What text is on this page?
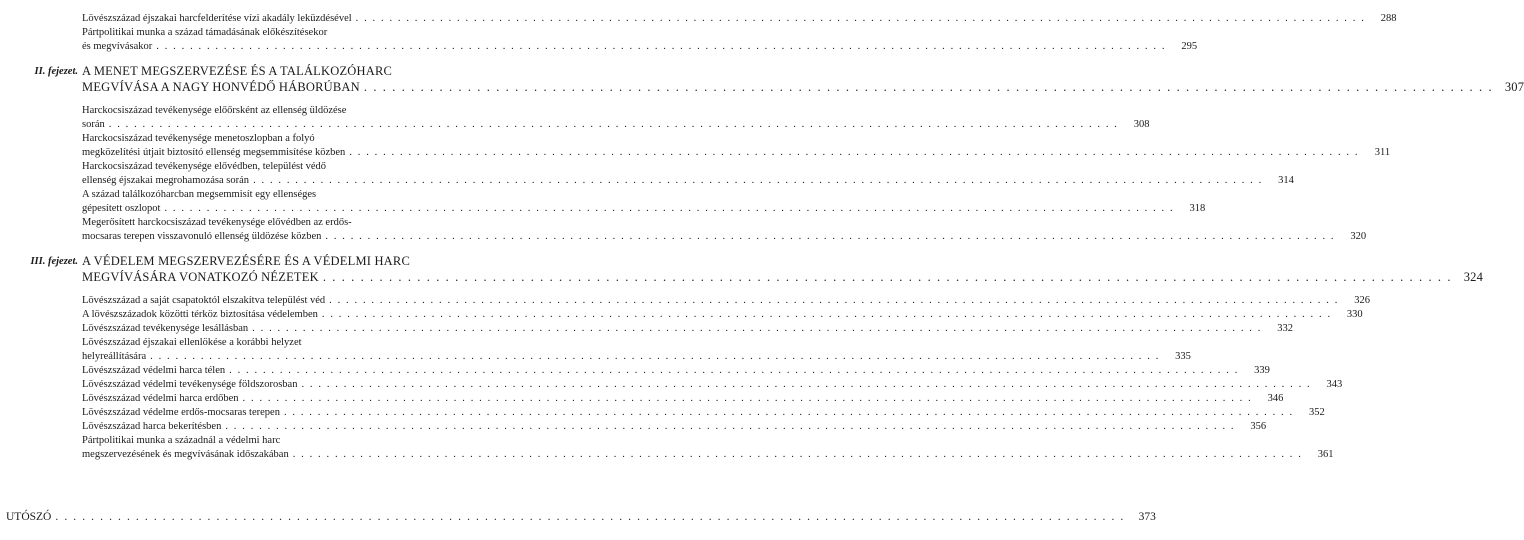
Lövészszázad éjszakai harcfelderítése vízi akadály leküzdésével . . . . . . . . . . . . . . . . . . . . . . . . . . . . . . . . . . . . . . . . . . . . . . . . . . . . . . . . . . . . . . . . . . . . . . . . . . . . . . . . . . . . . . . . . . . . . . . . . . . . . . . . . . . . . . . . . . . . . . . .	288
Pártpolitikai munka a század támadásának előkészítésekor
és megvívásakor . . . . . . . . . . . . . . . . . . . . . . . . . . . . . . . . . . . . . . . . . . . . . . . . . . . . . . . . . . . . . . . . . . . . . . . . . . . . . . . . . . . . . . . . . . . . . . . . . . . . . . . . . . . . . . . . . . . . . . . .	295
II. fejezet. A MENET MEGSZERVEZÉSE ÉS A TALÁLKOZÓHARC
MEGVÍVÁSA A NAGY HONVÉDŐ HÁBORÚBAN . . . . . . . . . . . . . . . . . . . . . . . . . . . . . . . . . . . . . . . . . . . . . . . . . . . . . . . . . . . . . . . . . . . . . . . . . . . . . . . . . . . . . . . . . . . . . . . . . . . . . . . . . . . . . . . . . . . . . . . . 307
Harckocsiszázad tevékenysége előőrsként az ellenség üldözése
során . . . . . . . . . . . . . . . . . . . . . . . . . . . . . . . . . . . . . . . . . . . . . . . . . . . . . . . . . . . . . . . . . . . . . . . . . . . . . . . . . . . . . . . . . . . . . . . . . . . . . . . . . . . . . . . . . . . . . . . .	308
Harckocsiszázad tevékenysége menetoszlopban a folyó
megközelítési útjait biztosító ellenség megsemmisítése közben . . . . . . . . . . . . . . . . . . . . . . . . . . . . . . . . . . . . . . . . . . . . . . . . . . . . . . . . . . . . . . . . . . . . . . . . . . . . . . . . . . . . . . . . . . . . . . . . . . . . . . . . . . . . . . . . . . . . . . . .	311
Harckocsiszázad tevékenysége elővédben, települést védő
ellenség éjszakai megrohamozása során . . . . . . . . . . . . . . . . . . . . . . . . . . . . . . . . . . . . . . . . . . . . . . . . . . . . . . . . . . . . . . . . . . . . . . . . . . . . . . . . . . . . . . . . . . . . . . . . . . . . . . . . . . . . . . . . . . . . . . . .	314
A század találkozóharcban megsemmisít egy ellenséges
gépesített oszlopot . . . . . . . . . . . . . . . . . . . . . . . . . . . . . . . . . . . . . . . . . . . . . . . . . . . . . . . . . . . . . . . . . . . . . . . . . . . . . . . . . . . . . . . . . . . . . . . . . . . . . . . . . . . . . . . . . . . . . . . .	318
Megerősített harckocsiszázad tevékenysége elővédben az erdős-
mocsaras terepen visszavonuló ellenség üldözése közben . . . . . . . . . . . . . . . . . . . . . . . . . . . . . . . . . . . . . . . . . . . . . . . . . . . . . . . . . . . . . . . . . . . . . . . . . . . . . . . . . . . . . . . . . . . . . . . . . . . . . . . . . . . . . . . . . . . . . . . .	320
III. fejezet. A VÉDELEM MEGSZERVEZÉSÉRE ÉS A VÉDELMI HARC
MEGVÍVÁSÁRA VONATKOZÓ NÉZETEK . . . . . . . . . . . . . . . . . . . . . . . . . . . . . . . . . . . . . . . . . . . . . . . . . . . . . . . . . . . . . . . . . . . . . . . . . . . . . . . . . . . . . . . . . . . . . . . . . . . . . . . . . . . . . . . . . . . . . . . . 324
Lövészszázad a saját csapatoktól elszakítva települést véd . . . . . . . . . . . . . . . . . . . . . . . . . . . . . . . . . . . . . . . . . . . . . . . . . . . . . . . . . . . . . . . . . . . . . . . . . . . . . . . . . . . . . . . . . . . . . . . . . . . . . . . . . . . . . . . . . . . . . . . .	326
A lövészszázadok közötti térköz biztosítása védelemben . . . . . . . . . . . . . . . . . . . . . . . . . . . . . . . . . . . . . . . . . . . . . . . . . . . . . . . . . . . . . . . . . . . . . . . . . . . . . . . . . . . . . . . . . . . . . . . . . . . . . . . . . . . . . . . . . . . . . . . .	330
Lövészszázad tevékenysége lesállásban . . . . . . . . . . . . . . . . . . . . . . . . . . . . . . . . . . . . . . . . . . . . . . . . . . . . . . . . . . . . . . . . . . . . . . . . . . . . . . . . . . . . . . . . . . . . . . . . . . . . . . . . . . . . . . . . . . . . . . . .	332
Lövészszázad éjszakai ellenlökése a korábbi helyzet
helyreállítására . . . . . . . . . . . . . . . . . . . . . . . . . . . . . . . . . . . . . . . . . . . . . . . . . . . . . . . . . . . . . . . . . . . . . . . . . . . . . . . . . . . . . . . . . . . . . . . . . . . . . . . . . . . . . . . . . . . . . . . .	335
Lövészszázad védelmi harca télen . . . . . . . . . . . . . . . . . . . . . . . . . . . . . . . . . . . . . . . . . . . . . . . . . . . . . . . . . . . . . . . . . . . . . . . . . . . . . . . . . . . . . . . . . . . . . . . . . . . . . . . . . . . . . . . . . . . . . . . .	339
Lövészszázad védelmi tevékenysége földszorosban . . . . . . . . . . . . . . . . . . . . . . . . . . . . . . . . . . . . . . . . . . . . . . . . . . . . . . . . . . . . . . . . . . . . . . . . . . . . . . . . . . . . . . . . . . . . . . . . . . . . . . . . . . . . . . . . . . . . . . . .	343
Lövészszázad védelmi harca erdőben . . . . . . . . . . . . . . . . . . . . . . . . . . . . . . . . . . . . . . . . . . . . . . . . . . . . . . . . . . . . . . . . . . . . . . . . . . . . . . . . . . . . . . . . . . . . . . . . . . . . . . . . . . . . . . . . . . . . . . . .	346
Lövészszázad védelme erdős-mocsaras terepen . . . . . . . . . . . . . . . . . . . . . . . . . . . . . . . . . . . . . . . . . . . . . . . . . . . . . . . . . . . . . . . . . . . . . . . . . . . . . . . . . . . . . . . . . . . . . . . . . . . . . . . . . . . . . . . . . . . . . . . .	352
Lövészszázad harca bekerítésben . . . . . . . . . . . . . . . . . . . . . . . . . . . . . . . . . . . . . . . . . . . . . . . . . . . . . . . . . . . . . . . . . . . . . . . . . . . . . . . . . . . . . . . . . . . . . . . . . . . . . . . . . . . . . . . . . . . . . . . .	356
Pártpolitikai munka a századnál a védelmi harc
megszervezésének és megvívásának időszakában . . . . . . . . . . . . . . . . . . . . . . . . . . . . . . . . . . . . . . . . . . . . . . . . . . . . . . . . . . . . . . . . . . . . . . . . . . . . . . . . . . . . . . . . . . . . . . . . . . . . . . . . . . . . . . . . . . . . . . . .	361
UTÓSZÓ . . . . . . . . . . . . . . . . . . . . . . . . . . . . . . . . . . . . . . . . . . . . . . . . . . . . . . . . . . . . . . . . . . . . . . . . . . . . . . . . . . . . . . . . . . . . . . . . . . . . . . . . . . . . . . . . . . . . . . . .	373
